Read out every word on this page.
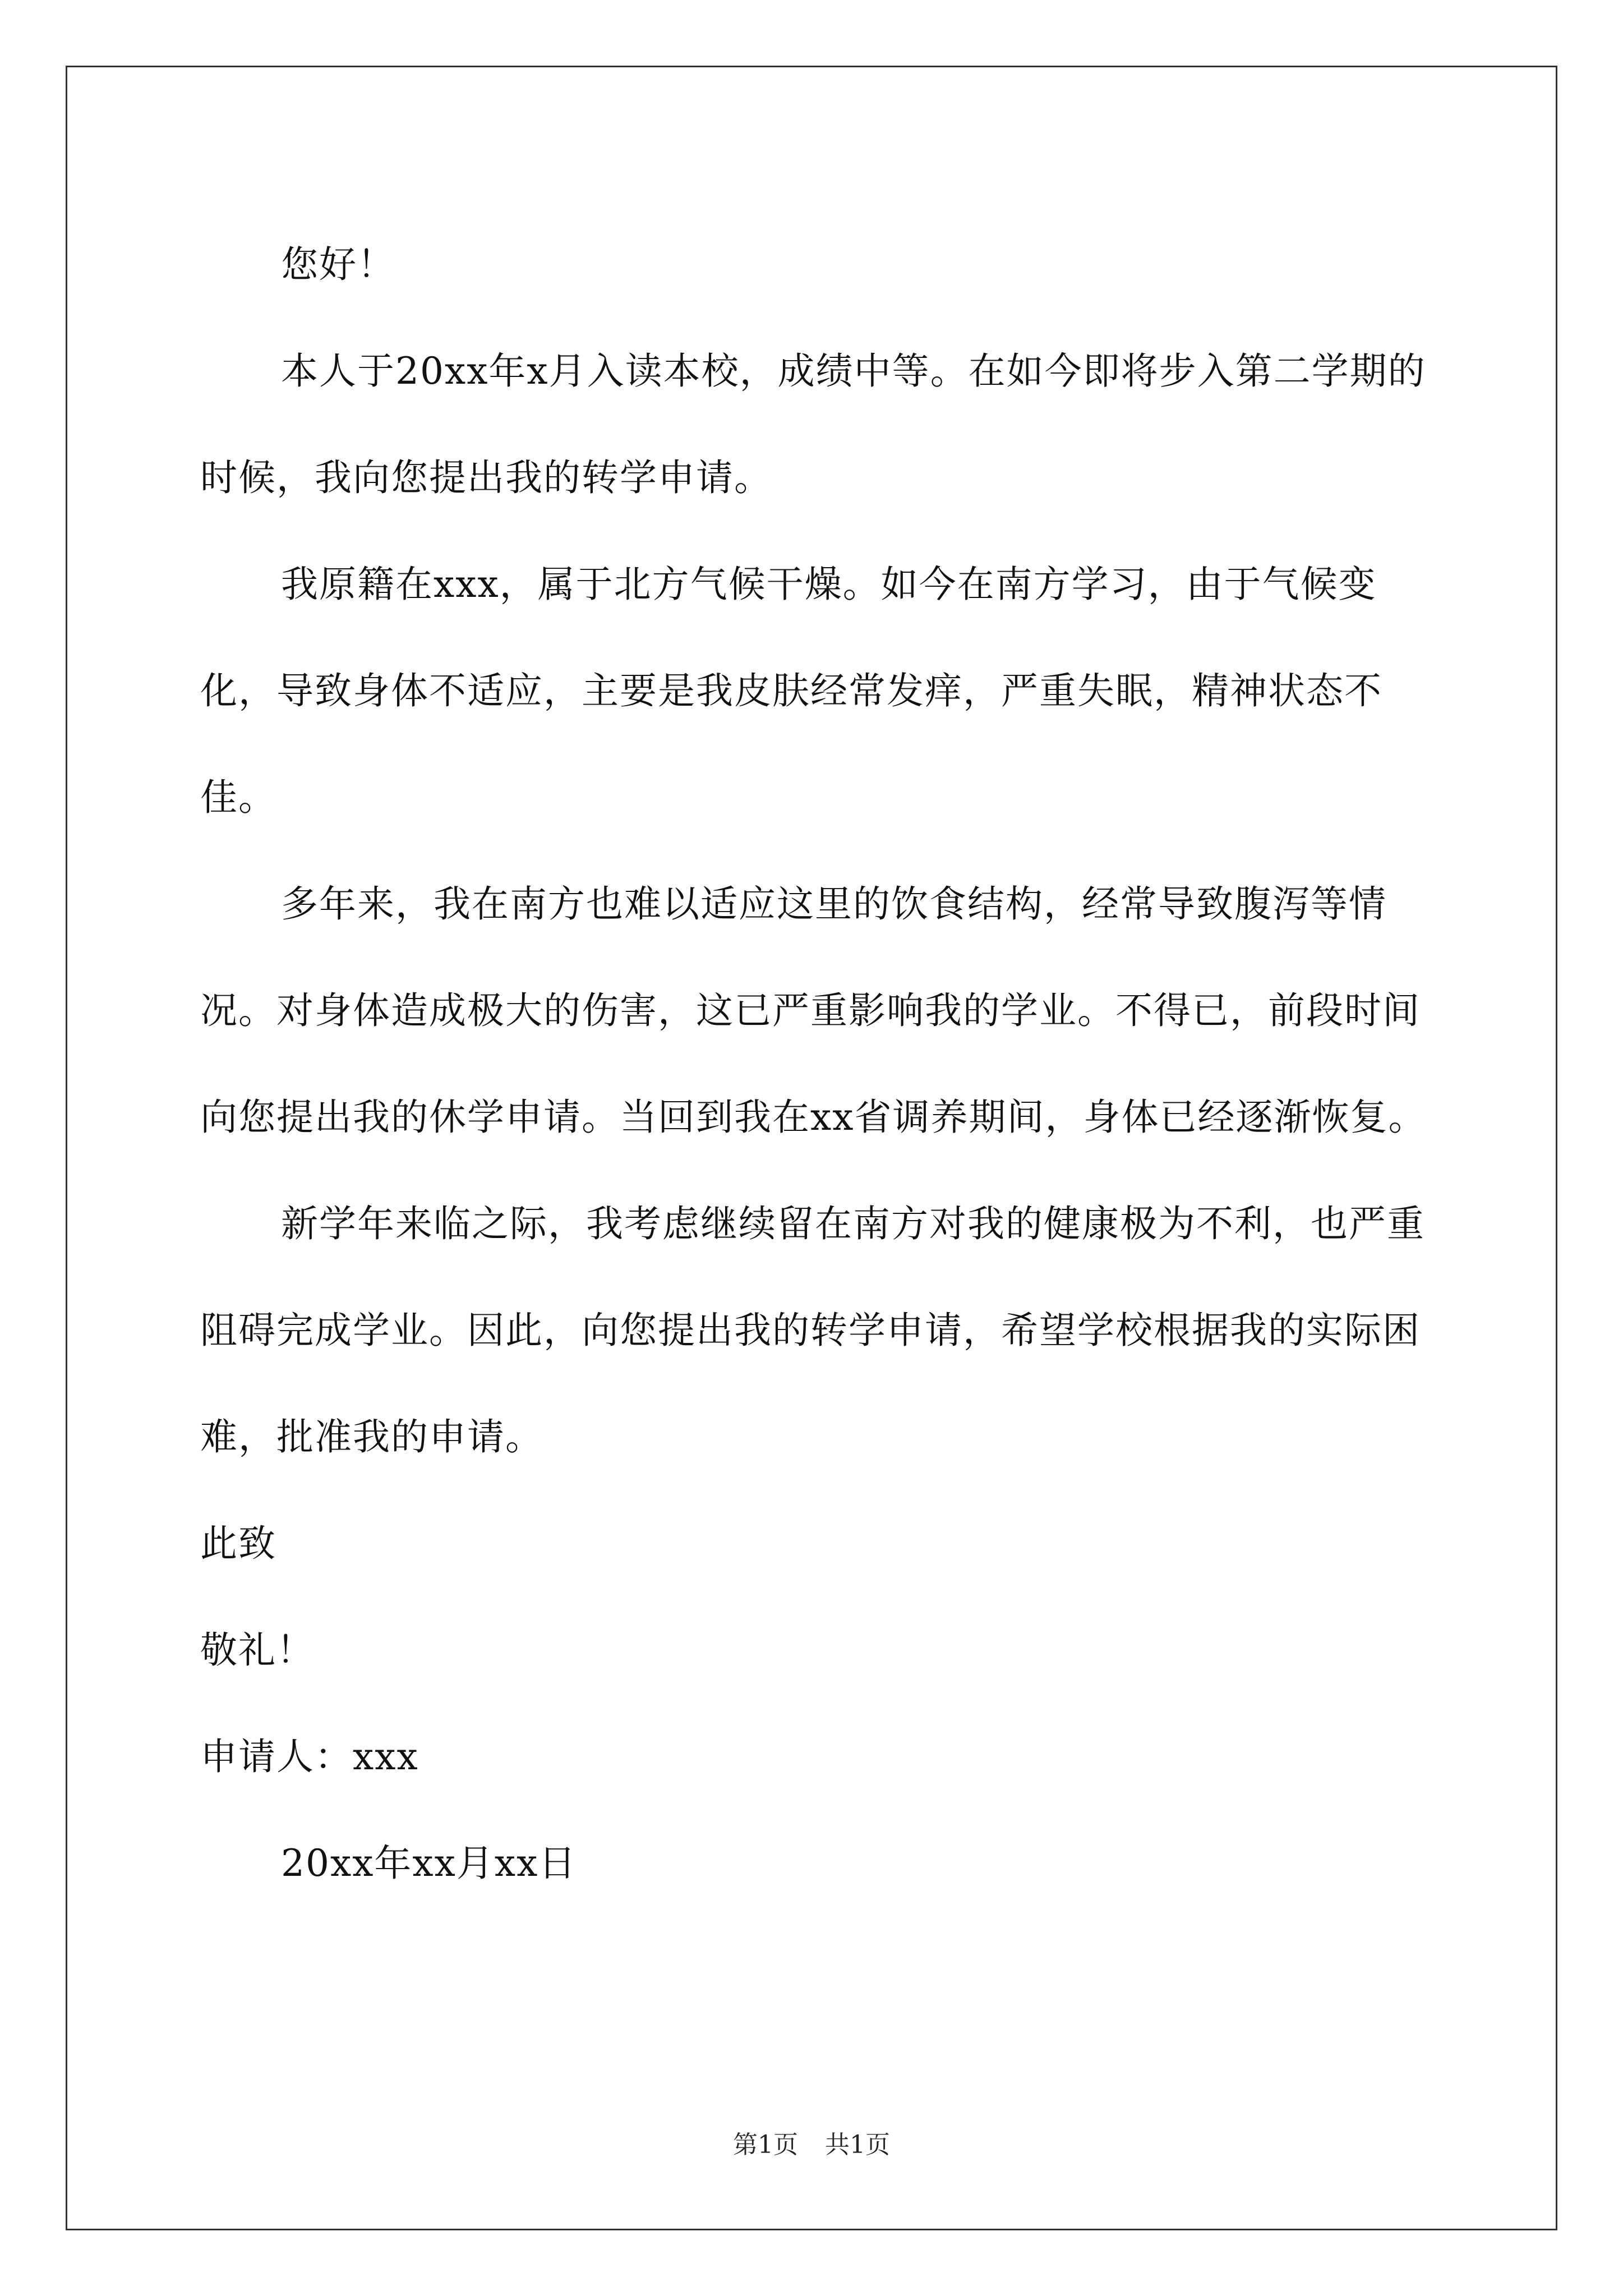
您好！

本人于20xx年x月入读本校，成绩中等。在如今即将步入第二学期的时候，我向您提出我的转学申请。

我原籍在xxx，属于北方气候干燥。如今在南方学习，由于气候变化，导致身体不适应，主要是我皮肤经常发痒，严重失眠，精神状态不佳。

多年来，我在南方也难以适应这里的饮食结构，经常导致腹泻等情况。对身体造成极大的伤害，这已严重影响我的学业。不得已，前段时间向您提出我的休学申请。当回到我在xx省调养期间，身体已经逐渐恢复。

新学年来临之际，我考虑继续留在南方对我的健康极为不利，也严重阻碍完成学业。因此，向您提出我的转学申请，希望学校根据我的实际困难，批准我的申请。

此致

敬礼！

申请人：xxx

20xx年xx月xx日

第1页 共1页
